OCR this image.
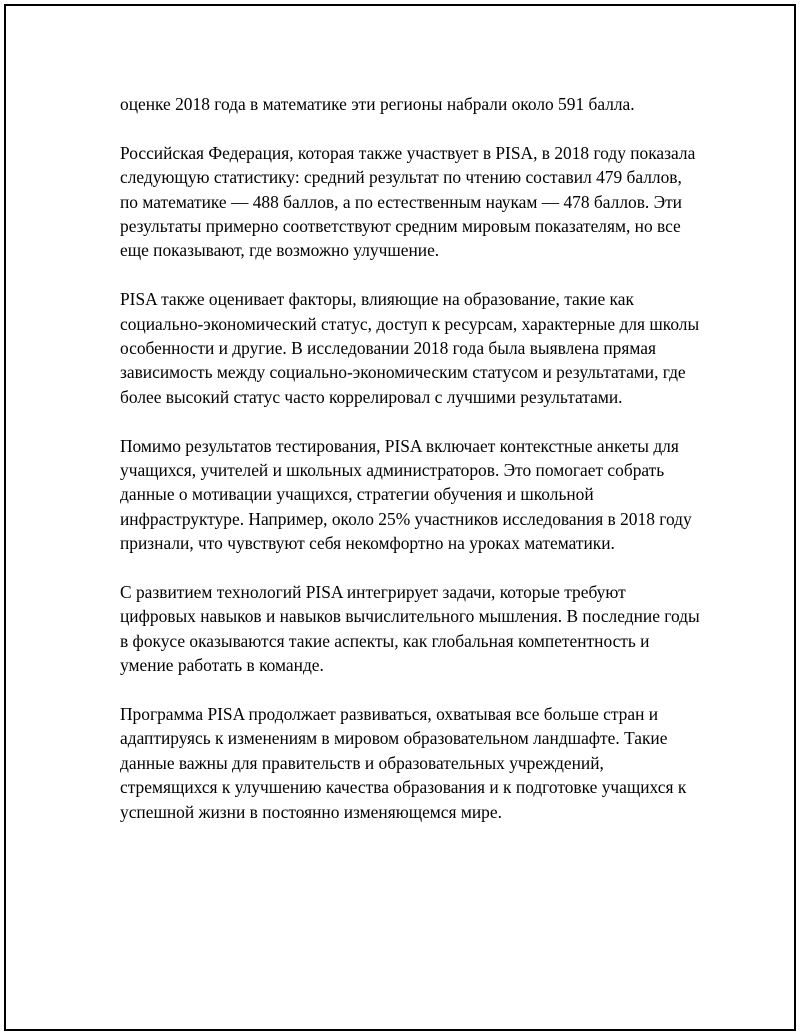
оценке 2018 года в математике эти регионы набрали около 591 балла.

Российская Федерация, которая также участвует в PISA, в 2018 году показала следующую статистику: средний результат по чтению составил 479 баллов, по математике — 488 баллов, а по естественным наукам — 478 баллов. Эти результаты примерно соответствуют средним мировым показателям, но все еще показывают, где возможно улучшение.

PISA также оценивает факторы, влияющие на образование, такие как социально-экономический статус, доступ к ресурсам, характерные для школы особенности и другие. В исследовании 2018 года была выявлена прямая зависимость между социально-экономическим статусом и результатами, где более высокий статус часто коррелировал с лучшими результатами.

Помимо результатов тестирования, PISA включает контекстные анкеты для учащихся, учителей и школьных администраторов. Это помогает собрать данные о мотивации учащихся, стратегии обучения и школьной инфраструктуре. Например, около 25% участников исследования в 2018 году признали, что чувствуют себя некомфортно на уроках математики.

С развитием технологий PISA интегрирует задачи, которые требуют цифровых навыков и навыков вычислительного мышления. В последние годы в фокусе оказываются такие аспекты, как глобальная компетентность и умение работать в команде.

Программа PISA продолжает развиваться, охватывая все больше стран и адаптируясь к изменениям в мировом образовательном ландшафте. Такие данные важны для правительств и образовательных учреждений, стремящихся к улучшению качества образования и к подготовке учащихся к успешной жизни в постоянно изменяющемся мире.
